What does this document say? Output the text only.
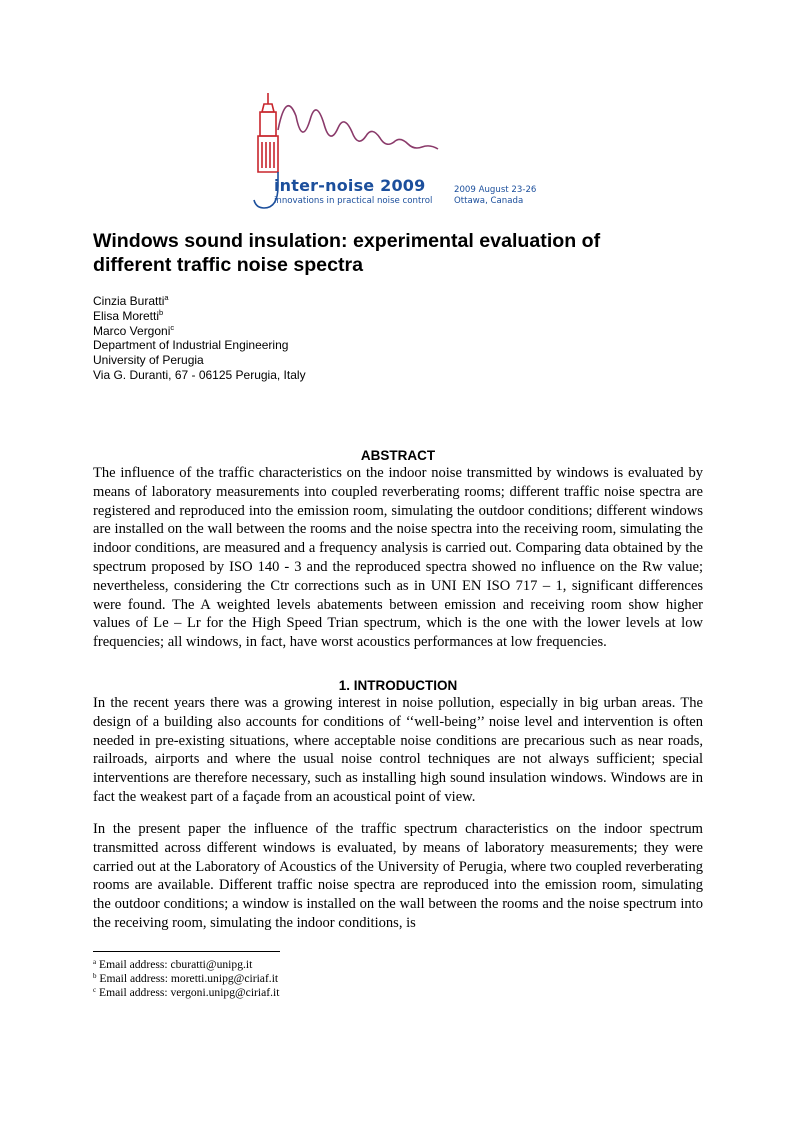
inter-noise 2009
innovations in practical noise control
2009 August 23-26
Ottawa, Canada
Windows sound insulation: experimental evaluation of
different traffic noise spectra
Cinzia Buratti$^a$
Elisa Moretti$^b$
Marco Vergoni$^c$
Department of Industrial Engineering
University of Perugia
Via G. Duranti, 67 - 06125 Perugia, Italy
ABSTRACT

The influence of the traffic characteristics on the indoor noise transmitted by windows is evaluated by means of laboratory measurements into coupled reverberating rooms; different traffic noise spectra are registered and reproduced into the emission room, simulating the outdoor conditions; different windows are installed on the wall between the rooms and the noise spectra into the receiving room, simulating the indoor conditions, are measured and a frequency analysis is carried out. Comparing data obtained by the spectrum proposed by ISO 140 - 3 and the reproduced spectra showed no influence on the Rw value; nevertheless, considering the Ctr corrections such as in UNI EN ISO 717 – 1, significant differences were found. The A weighted levels abatements between emission and receiving room show higher values of Le – Lr for the High Speed Trian spectrum, which is the one with the lower levels at low frequencies; all windows, in fact, have worst acoustics performances at low frequencies.

1. INTRODUCTION

In the recent years there was a growing interest in noise pollution, especially in big urban areas. The design of a building also accounts for conditions of ‘‘well-being’’ noise level and intervention is often needed in pre-existing situations, where acceptable noise conditions are precarious such as near roads, railroads, airports and where the usual noise control techniques are not always sufficient; special interventions are therefore necessary, such as installing high sound insulation windows. Windows are in fact the weakest part of a façade from an acoustical point of view.

In the present paper the influence of the traffic spectrum characteristics on the indoor spectrum transmitted across different windows is evaluated, by means of laboratory measurements; they were carried out at the Laboratory of Acoustics of the University of Perugia, where two coupled reverberating rooms are available. Different traffic noise spectra are reproduced into the emission room, simulating the outdoor conditions; a window is installed on the wall between the rooms and the noise spectrum into the receiving room, simulating the indoor conditions, is

$^a$ Email address: cburatti@unipg.it
$^b$ Email address: moretti.unipg@ciriaf.it
$^c$ Email address: vergoni.unipg@ciriaf.it
